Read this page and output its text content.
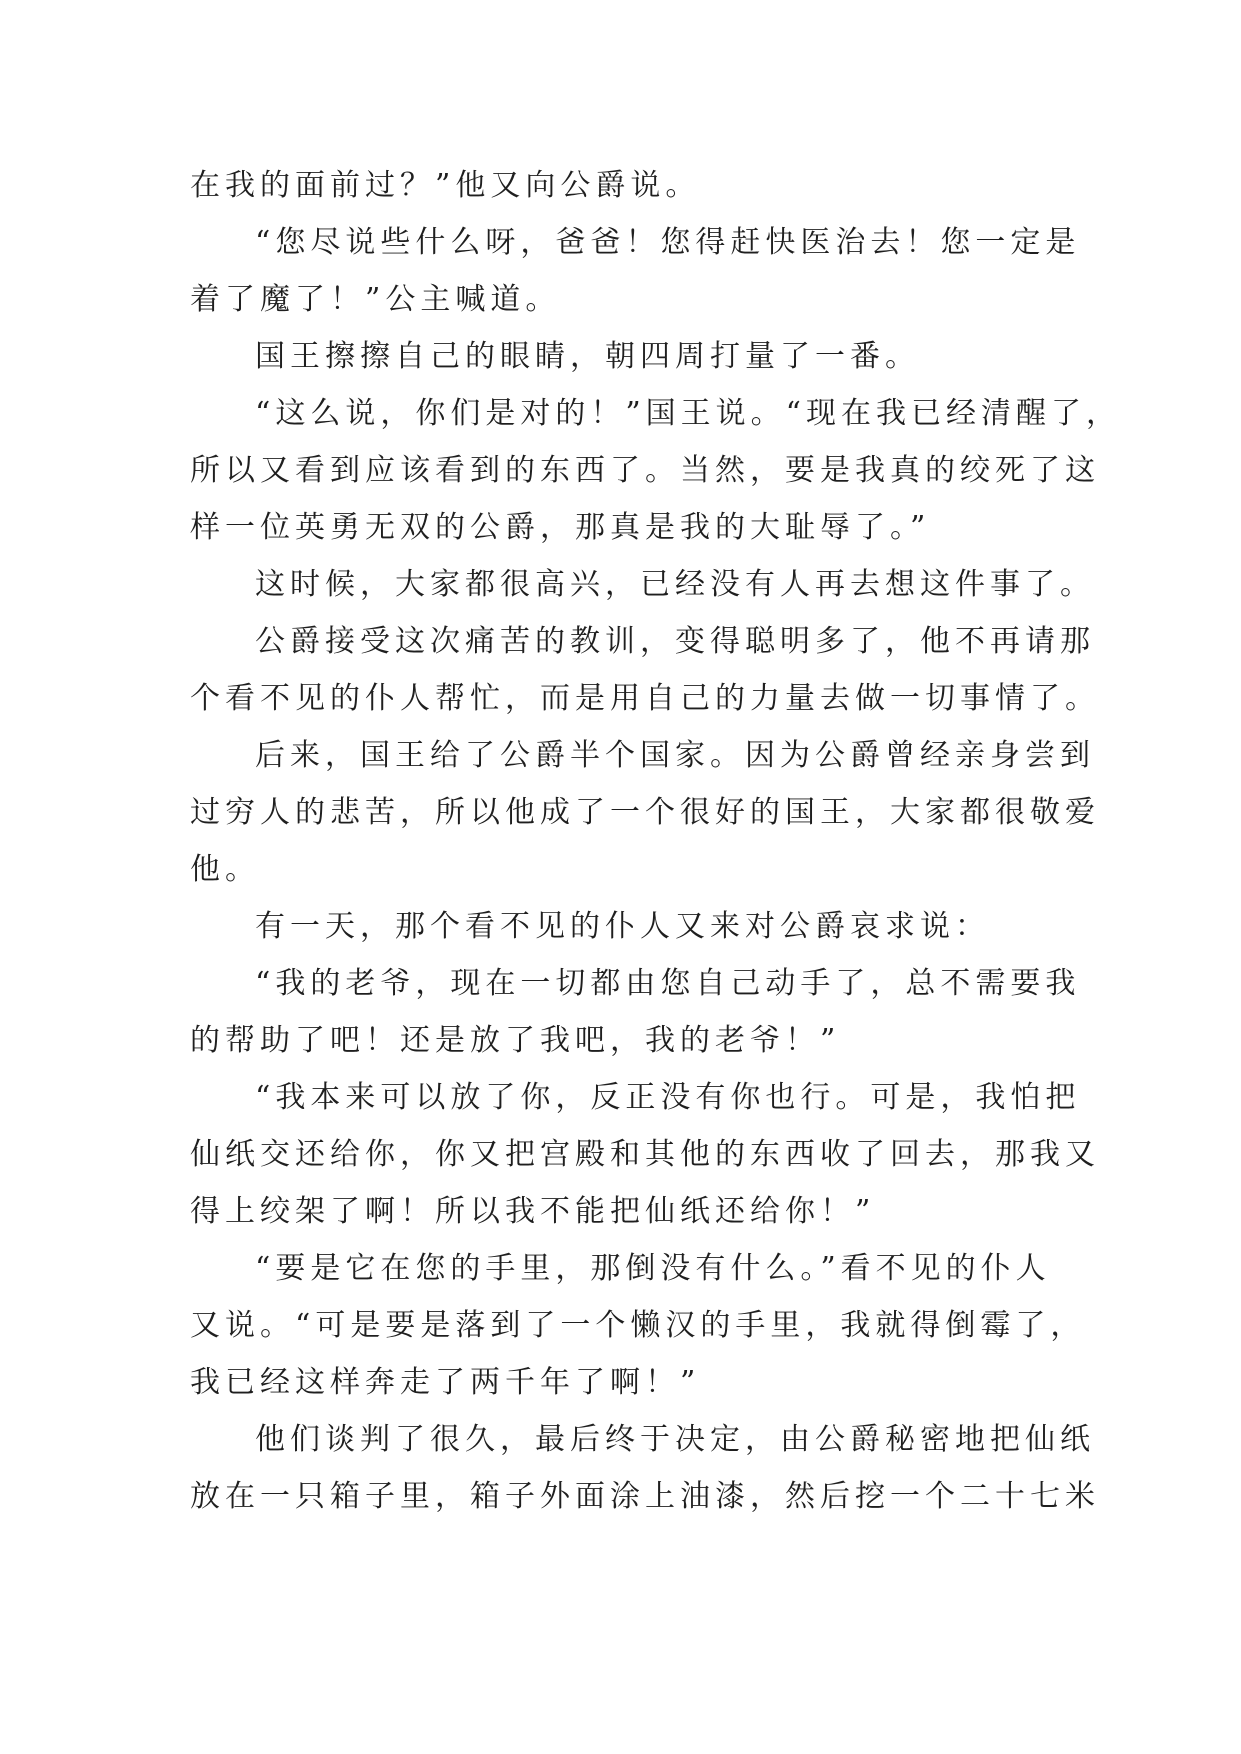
在我的面前过？”他又向公爵说。
“您尽说些什么呀，爸爸！您得赶快医治去！您一定是
着了魔了！”公主喊道。
国王擦擦自己的眼睛，朝四周打量了一番。
“这么说，你们是对的！”国王说。“现在我已经清醒了，
所以又看到应该看到的东西了。当然，要是我真的绞死了这
样一位英勇无双的公爵，那真是我的大耻辱了。”
这时候，大家都很高兴，已经没有人再去想这件事了。
公爵接受这次痛苦的教训，变得聪明多了，他不再请那
个看不见的仆人帮忙，而是用自己的力量去做一切事情了。
后来，国王给了公爵半个国家。因为公爵曾经亲身尝到
过穷人的悲苦，所以他成了一个很好的国王，大家都很敬爱
他。
有一天，那个看不见的仆人又来对公爵哀求说：
“我的老爷，现在一切都由您自己动手了，总不需要我
的帮助了吧！还是放了我吧，我的老爷！”
“我本来可以放了你，反正没有你也行。可是，我怕把
仙纸交还给你，你又把宫殿和其他的东西收了回去，那我又
得上绞架了啊！所以我不能把仙纸还给你！”
“要是它在您的手里，那倒没有什么。”看不见的仆人
又说。“可是要是落到了一个懒汉的手里，我就得倒霉了，
我已经这样奔走了两千年了啊！”
他们谈判了很久，最后终于决定，由公爵秘密地把仙纸
放在一只箱子里，箱子外面涂上油漆，然后挖一个二十七米
